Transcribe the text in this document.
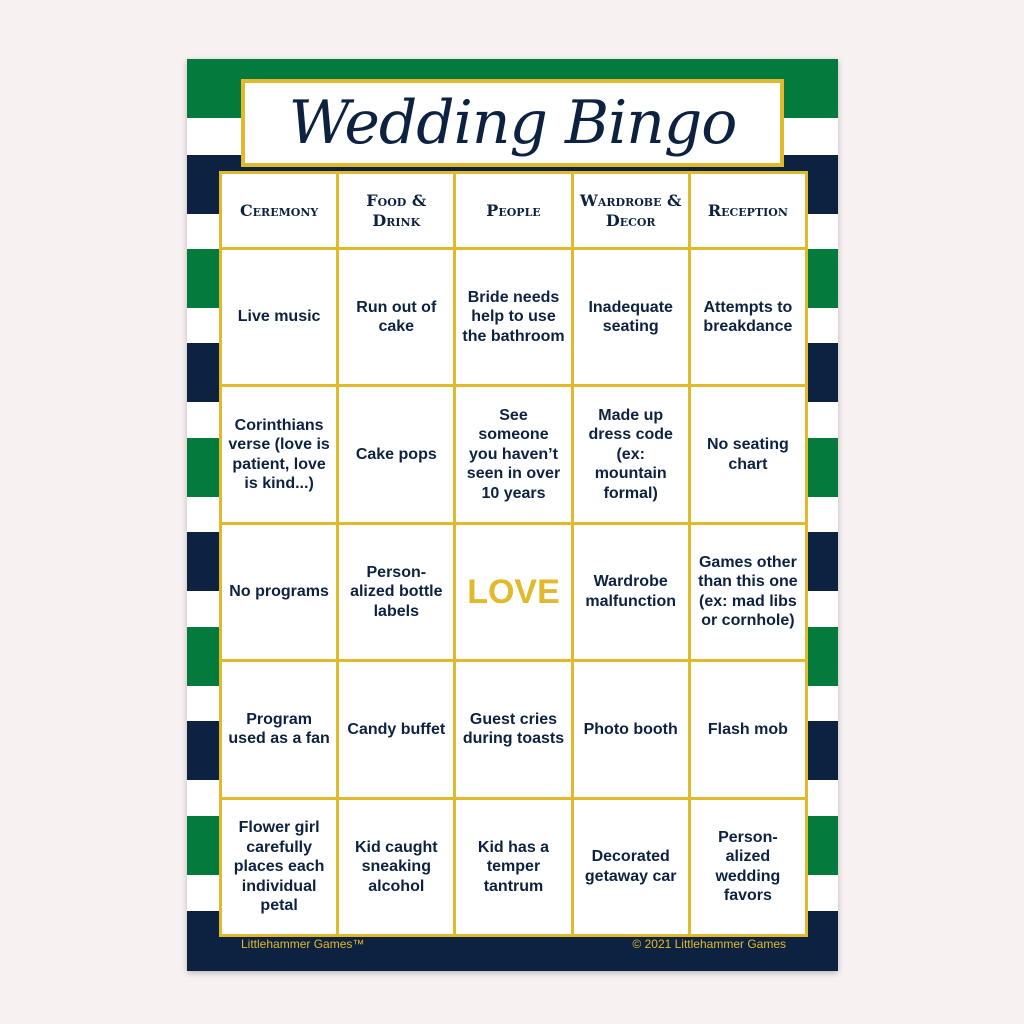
Wedding Bingo
Ceremony
Food & Drink
People
Wardrobe & Decor
Reception
Live music
Run out of cake
Bride needs help to use the bathroom
Inadequate seating
Attempts to breakdance
Corinthians verse (love is patient, love is kind...)
Cake pops
See someone you haven’t seen in over 10 years
Made up dress code (ex: mountain formal)
No seating chart
No programs
Person-alized bottle labels
LOVE	Wardrobe malfunction
Games other than this one (ex: mad libs or cornhole)
Program used as a fan
Candy buffet
Guest cries during toasts
Photo booth Flash mob
Flower girl carefully places each individual petal
Kid caught sneaking alcohol
Kid has a temper tantrum
Decorated getaway car
Person-alized wedding favors
Littlehammer Games™	© 2021 Littlehammer Games
